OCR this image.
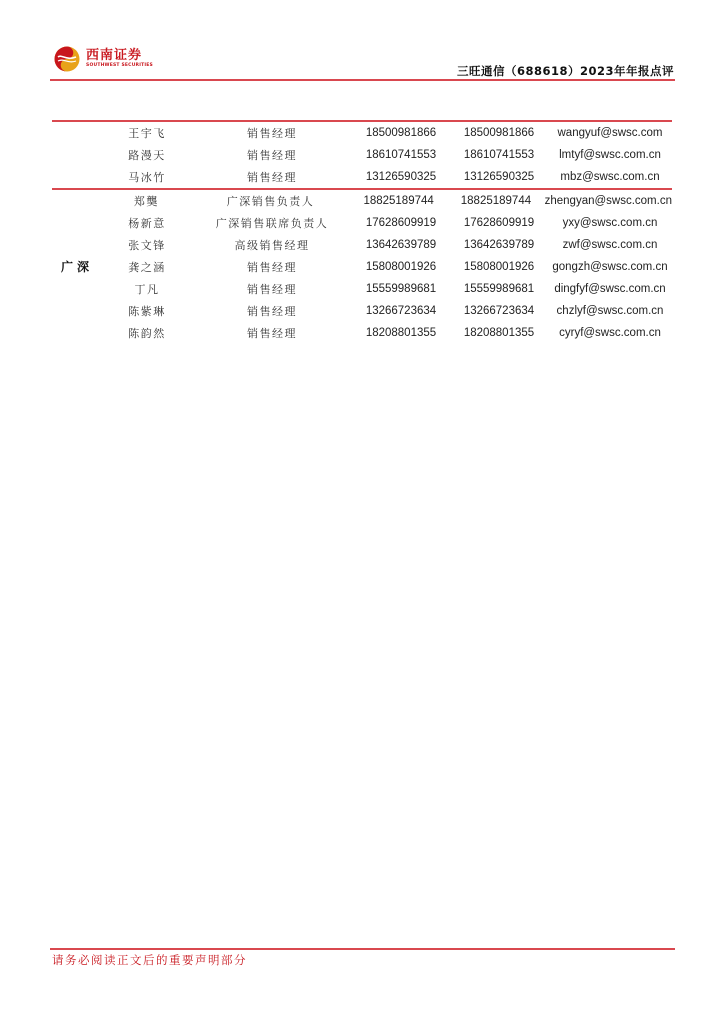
西南证券
SOUTHWEST SECURITIES	三旺通信（688618）2023年年报点评
王宇飞	销售经理	18500981866	18500981866	wangyuf@swsc.com
路漫天	销售经理	18610741553	18610741553	lmtyf@swsc.com.cn
马冰竹	销售经理	13126590325	13126590325	mbz@swsc.com.cn
广深
郑龑	广深销售负责人	18825189744	18825189744	zhengyan@swsc.com.cn
杨新意	广深销售联席负责人	17628609919	17628609919	yxy@swsc.com.cn
张文锋	高级销售经理	13642639789	13642639789	zwf@swsc.com.cn
龚之涵	销售经理	15808001926	15808001926	gongzh@swsc.com.cn
丁凡	销售经理	15559989681	15559989681	dingfyf@swsc.com.cn
陈紫琳	销售经理	13266723634	13266723634	chzlyf@swsc.com.cn
陈韵然	销售经理	18208801355	18208801355	cyryf@swsc.com.cn
请务必阅读正文后的重要声明部分
